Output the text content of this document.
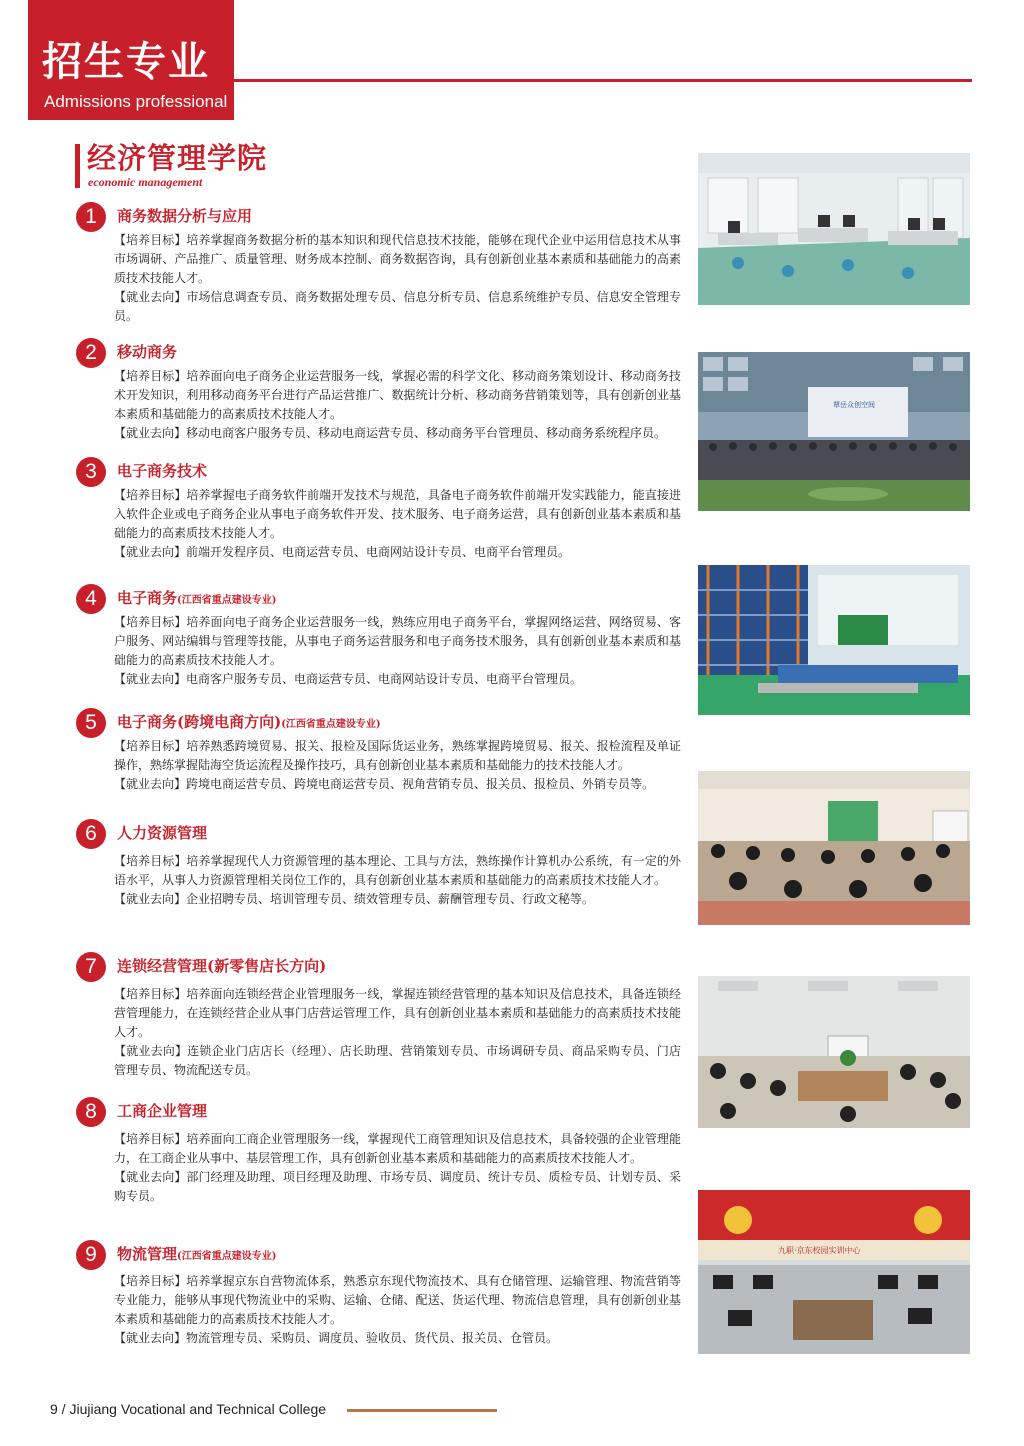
招生专业
Admissions professional
经济管理学院
economic management
1	商务数据分析与应用

【培养目标】培养掌握商务数据分析的基本知识和现代信息技术技能，能够在现代企业中运用信息技术从事市场调研、产品推广、质量管理、财务成本控制、商务数据咨询，具有创新创业基本素质和基础能力的高素质技术技能人才。

【就业去向】市场信息调查专员、商务数据处理专员、信息分析专员、信息系统维护专员、信息安全管理专员。

2	移动商务

【培养目标】培养面向电子商务企业运营服务一线，掌握必需的科学文化、移动商务策划设计、移动商务技术开发知识，利用移动商务平台进行产品运营推广、数据统计分析、移动商务营销策划等，具有创新创业基本素质和基础能力的高素质技术技能人才。

【就业去向】移动电商客户服务专员、移动电商运营专员、移动商务平台管理员、移动商务系统程序员。

3	电子商务技术

【培养目标】培养掌握电子商务软件前端开发技术与规范，具备电子商务软件前端开发实践能力，能直接进入软件企业或电子商务企业从事电子商务软件开发、技术服务、电子商务运营，具有创新创业基本素质和基础能力的高素质技术技能人才。

【就业去向】前端开发程序员、电商运营专员、电商网站设计专员、电商平台管理员。

4	电子商务(江西省重点建设专业)

【培养目标】培养面向电子商务企业运营服务一线，熟练应用电子商务平台，掌握网络运营、网络贸易、客户服务、网站编辑与管理等技能，从事电子商务运营服务和电子商务技术服务，具有创新创业基本素质和基础能力的高素质技术技能人才。

【就业去向】电商客户服务专员、电商运营专员、电商网站设计专员、电商平台管理员。

5	电子商务(跨境电商方向)(江西省重点建设专业)

【培养目标】培养熟悉跨境贸易、报关、报检及国际货运业务，熟练掌握跨境贸易、报关、报检流程及单证操作，熟练掌握陆海空货运流程及操作技巧，具有创新创业基本素质和基础能力的技术技能人才。

【就业去向】跨境电商运营专员、跨境电商运营专员、视角营销专员、报关员、报检员、外销专员等。

6	人力资源管理

【培养目标】培养掌握现代人力资源管理的基本理论、工具与方法，熟练操作计算机办公系统，有一定的外语水平，从事人力资源管理相关岗位工作的，具有创新创业基本素质和基础能力的高素质技术技能人才。

【就业去向】企业招聘专员、培训管理专员、绩效管理专员、薪酬管理专员、行政文秘等。

7	连锁经营管理(新零售店长方向)

【培养目标】培养面向连锁经营企业管理服务一线，掌握连锁经营管理的基本知识及信息技术，具备连锁经营管理能力，在连锁经营企业从事门店营运管理工作，具有创新创业基本素质和基础能力的高素质技术技能人才。

【就业去向】连锁企业门店店长（经理）、店长助理、营销策划专员、市场调研专员、商品采购专员、门店管理专员、物流配送专员。

8	工商企业管理

【培养目标】培养面向工商企业管理服务一线，掌握现代工商管理知识及信息技术，具备较强的企业管理能力，在工商企业从事中、基层管理工作，具有创新创业基本素质和基础能力的高素质技术技能人才。

【就业去向】部门经理及助理、项目经理及助理、市场专员、调度员、统计专员、质检专员、计划专员、采购专员。

9	物流管理(江西省重点建设专业)

【培养目标】培养掌握京东自营物流体系，熟悉京东现代物流技术、具有仓储管理、运输管理、物流营销等专业能力，能够从事现代物流业中的采购、运输、仓储、配送、货运代理、物流信息管理，具有创新创业基本素质和基础能力的高素质技术技能人才。

【就业去向】物流管理专员、采购员、调度员、验收员、货代员、报关员、仓管员。

覃岳众创空间
九职·京东校园实训中心
9 / Jiujiang Vocational and Technical College
